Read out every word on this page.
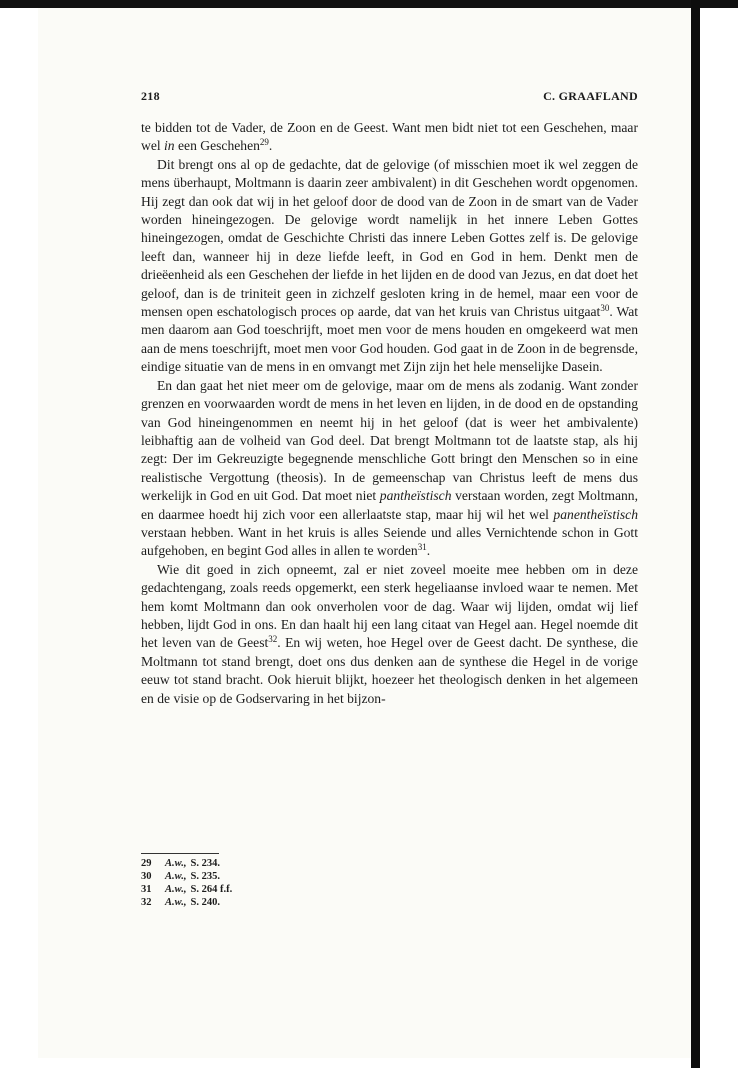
218	C. GRAAFLAND

te bidden tot de Vader, de Zoon en de Geest. Want men bidt niet tot een Geschehen, maar wel in een Geschehen$^{29}$.

Dit brengt ons al op de gedachte, dat de gelovige (of misschien moet ik wel zeggen de mens überhaupt, Moltmann is daarin zeer ambivalent) in dit Geschehen wordt opgenomen. Hij zegt dan ook dat wij in het geloof door de dood van de Zoon in de smart van de Vader worden hineingezogen. De gelovige wordt namelijk in het innere Leben Gottes hineingezogen, omdat de Geschichte Christi das innere Leben Gottes zelf is. De gelovige leeft dan, wanneer hij in deze liefde leeft, in God en God in hem. Denkt men de drieëenheid als een Geschehen der liefde in het lijden en de dood van Jezus, en dat doet het geloof, dan is de triniteit geen in zichzelf gesloten kring in de hemel, maar een voor de mensen open eschatologisch proces op aarde, dat van het kruis van Christus uitgaat$^{30}$. Wat men daarom aan God toeschrijft, moet men voor de mens houden en omgekeerd wat men aan de mens toeschrijft, moet men voor God houden. God gaat in de Zoon in de begrensde, eindige situatie van de mens in en omvangt met Zijn zijn het hele menselijke Dasein.

En dan gaat het niet meer om de gelovige, maar om de mens als zodanig. Want zonder grenzen en voorwaarden wordt de mens in het leven en lijden, in de dood en de opstanding van God hineingenommen en neemt hij in het geloof (dat is weer het ambivalente) leibhaftig aan de volheid van God deel. Dat brengt Moltmann tot de laatste stap, als hij zegt: Der im Gekreuzigte begegnende menschliche Gott bringt den Menschen so in eine realistische Vergottung (theosis). In de gemeenschap van Christus leeft de mens dus werkelijk in God en uit God. Dat moet niet pantheïstisch verstaan worden, zegt Moltmann, en daarmee hoedt hij zich voor een allerlaatste stap, maar hij wil het wel panentheïstisch verstaan hebben. Want in het kruis is alles Seiende und alles Vernichtende schon in Gott aufgehoben, en begint God alles in allen te worden$^{31}$.

Wie dit goed in zich opneemt, zal er niet zoveel moeite mee hebben om in deze gedachtengang, zoals reeds opgemerkt, een sterk hegeliaanse invloed waar te nemen. Met hem komt Moltmann dan ook onverholen voor de dag. Waar wij lijden, omdat wij lief hebben, lijdt God in ons. En dan haalt hij een lang citaat van Hegel aan. Hegel noemde dit het leven van de Geest$^{32}$. En wij weten, hoe Hegel over de Geest dacht. De synthese, die Moltmann tot stand brengt, doet ons dus denken aan de synthese die Hegel in de vorige eeuw tot stand bracht. Ook hieruit blijkt, hoezeer het theologisch denken in het algemeen en de visie op de Godservaring in het bijzon-

29	A.w., S. 234.
30	A.w., S. 235.
31	A.w., S. 264 f.f.
32	A.w., S. 240.
